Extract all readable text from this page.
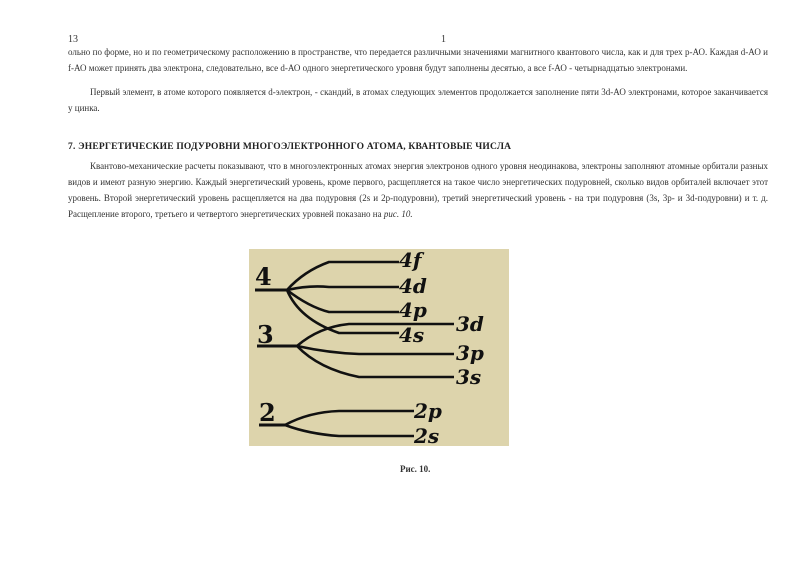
13	1
ольно по форме, но и по геометрическому расположению в пространстве, что передается различными значениями магнитного квантового числа, как и для трех p-АО. Каждая d-АО и f-АО может принять два электрона, следовательно, все d-АО одного энергетического уровня будут заполнены десятью, а все f-АО - четырнадцатью электронами.
Первый элемент, в атоме которого появляется d-электрон, - скандий, в атомах следующих элементов продолжается заполнение пяти 3d-АО электронами, которое заканчивается у цинка.
7. ЭНЕРГЕТИЧЕСКИЕ ПОДУРОВНИ МНОГОЭЛЕКТРОННОГО АТОМА, КВАНТОВЫЕ ЧИСЛА
Квантово-механические расчеты показывают, что в многоэлектронных атомах энергия электронов одного уровня неодинакова, электроны заполняют атомные орбитали разных видов и имеют разную энергию. Каждый энергетический уровень, кроме первого, расщепляется на такое число энергетических подуровней, сколько видов орбиталей включает этот уровень. Второй энергетический уровень расщепляется на два подуровня (2s и 2p-подуровни), третий энергетический уровень - на три подуровня (3s, 3p- и 3d-подуровни) и т. д. Расщепление второго, третьего и четвертого энергетических уровней показано на рис. 10.
4
3
2
4f
4d
4p
3d
4s
3p
3s
2p
2s
Рис. 10.
